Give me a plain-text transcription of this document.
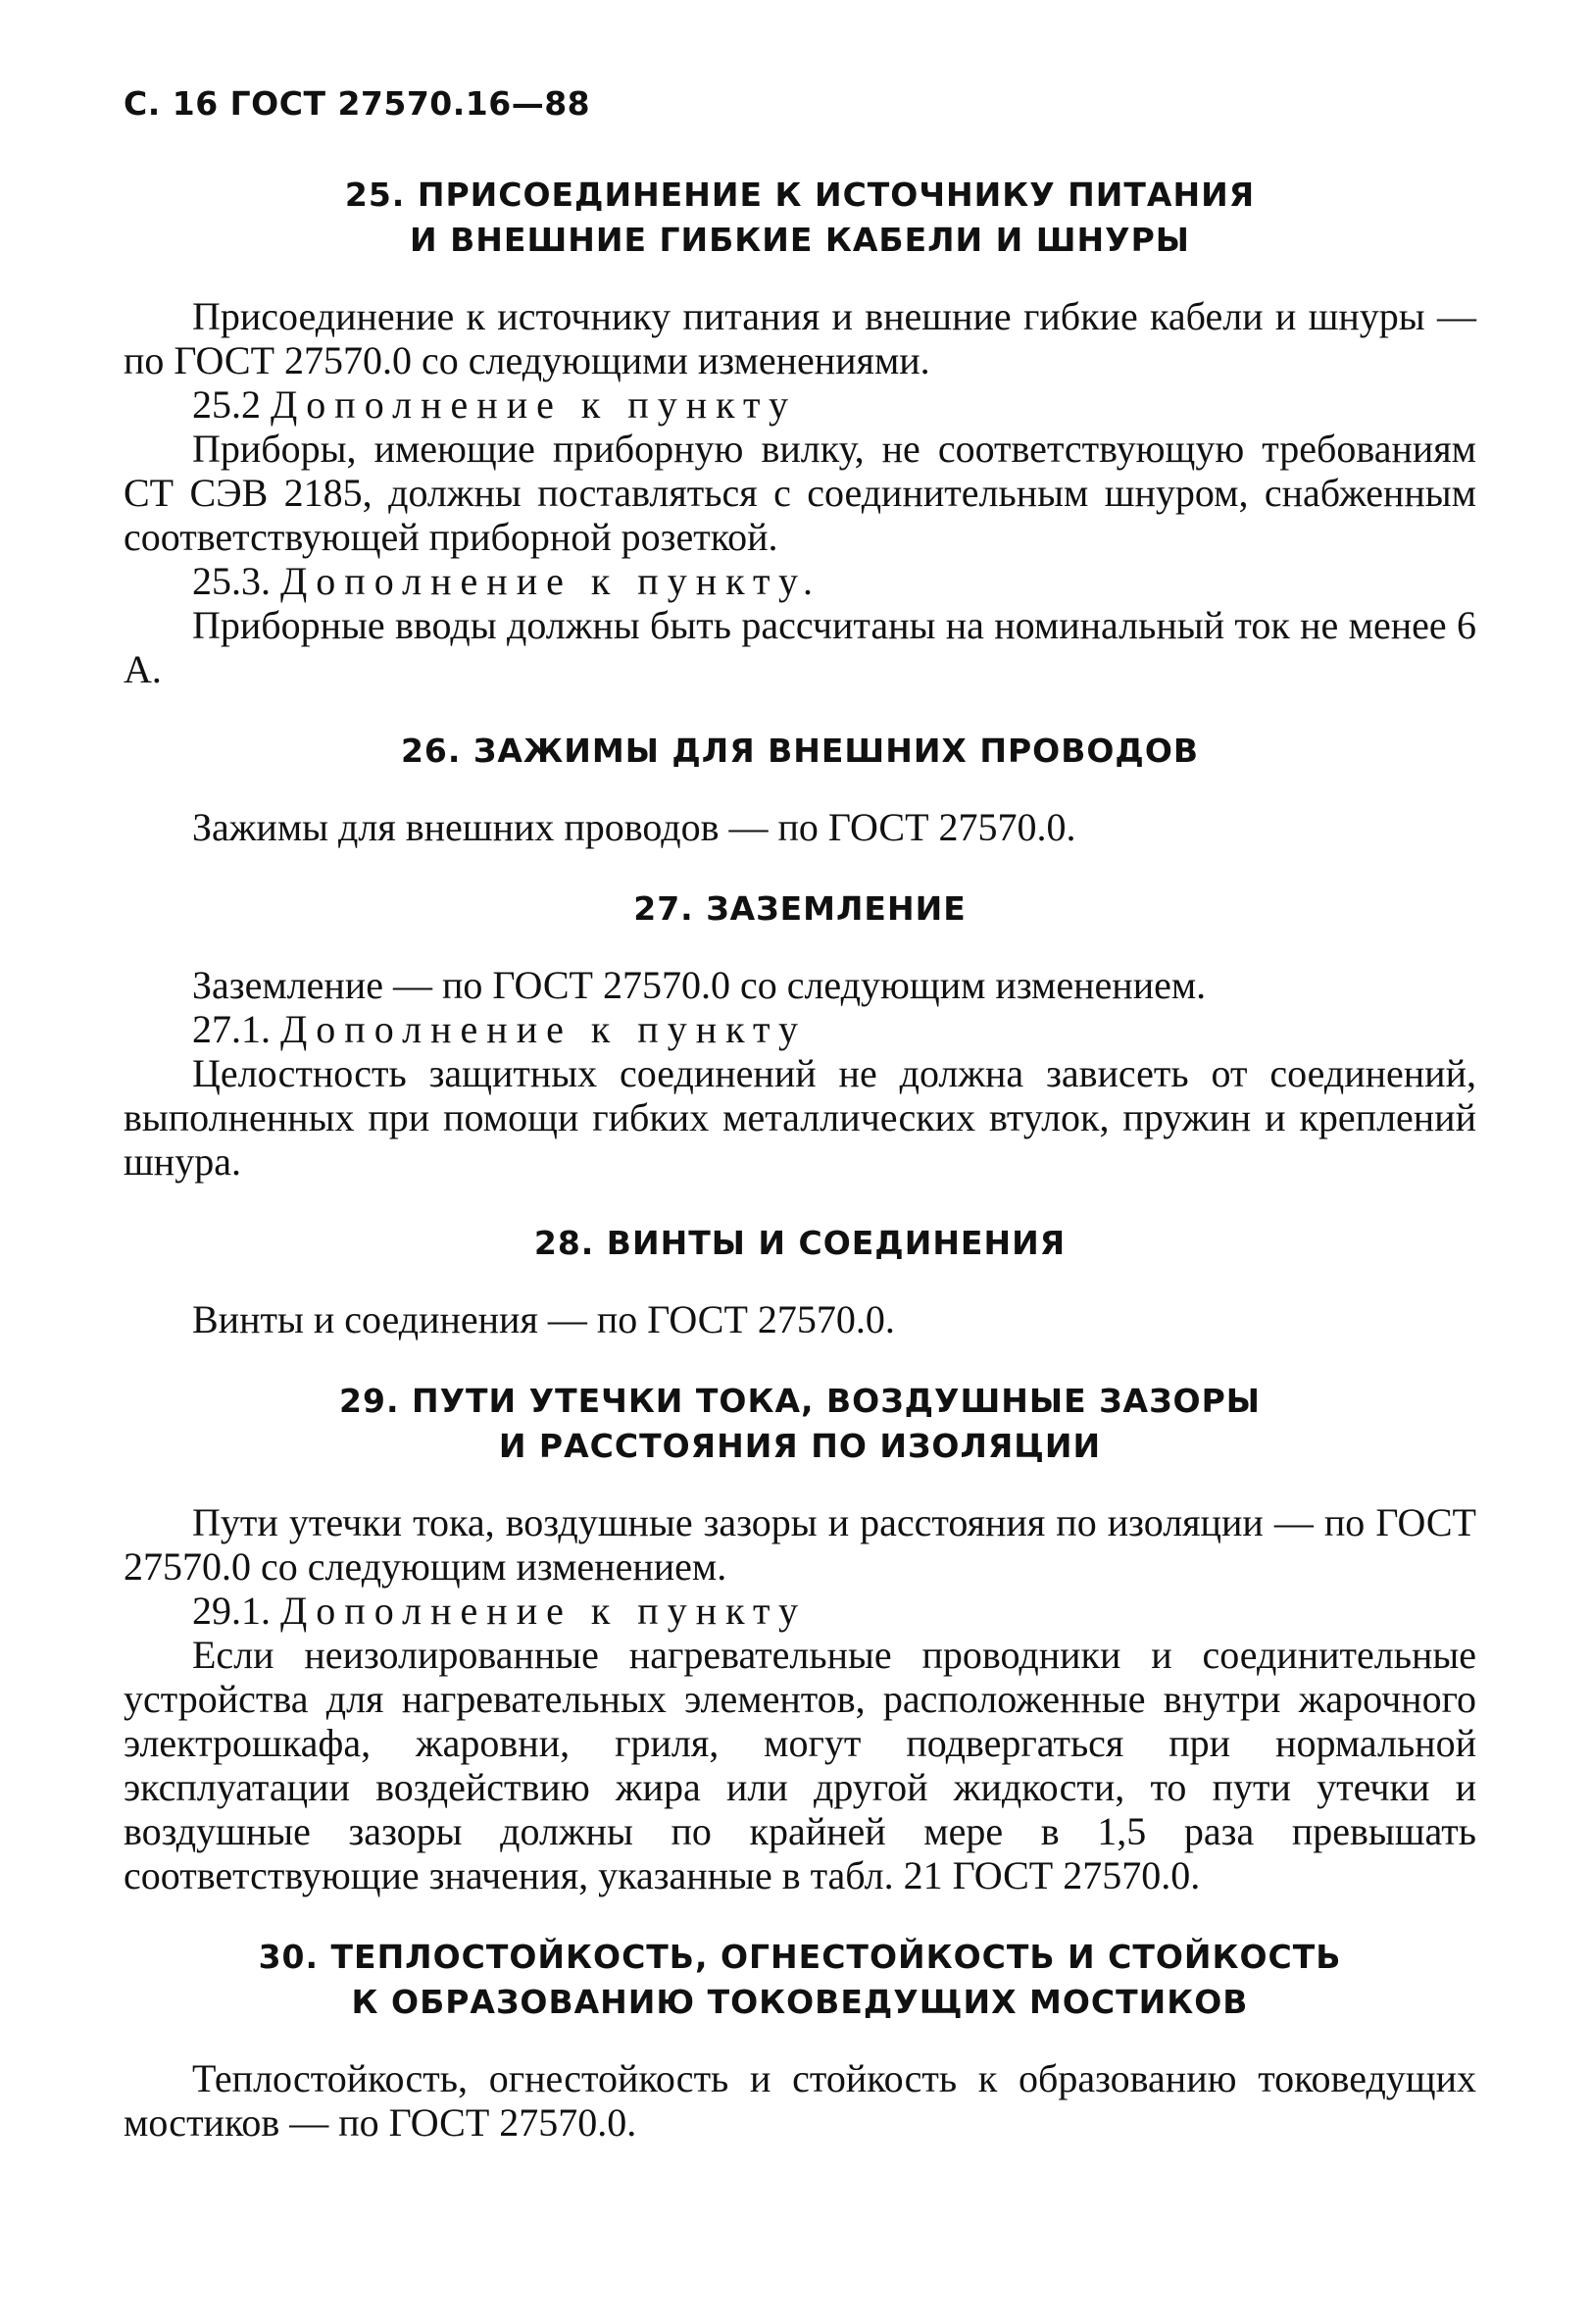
С. 16 ГОСТ 27570.16—88
25. ПРИСОЕДИНЕНИЕ К ИСТОЧНИКУ ПИТАНИЯ
И ВНЕШНИЕ ГИБКИЕ КАБЕЛИ И ШНУРЫ

Присоединение к источнику питания и внешние гибкие кабели и шнуры — по ГОСТ 27570.0 со следующими изменениями.

25.2 Дополнение к пункту

Приборы, имеющие приборную вилку, не соответствующую требованиям СТ СЭВ 2185, должны поставляться с соединительным шнуром, снабженным соответствующей приборной розеткой.

25.3. Дополнение к пункту.

Приборные вводы должны быть рассчитаны на номинальный ток не менее 6 А.

26. ЗАЖИМЫ ДЛЯ ВНЕШНИХ ПРОВОДОВ

Зажимы для внешних проводов — по ГОСТ 27570.0.

27. ЗАЗЕМЛЕНИЕ

Заземление — по ГОСТ 27570.0 со следующим изменением.

27.1. Дополнение к пункту

Целостность защитных соединений не должна зависеть от соединений, выполненных при помощи гибких металлических втулок, пружин и креплений шнура.

28. ВИНТЫ И СОЕДИНЕНИЯ

Винты и соединения — по ГОСТ 27570.0.

29. ПУТИ УТЕЧКИ ТОКА, ВОЗДУШНЫЕ ЗАЗОРЫ
И РАССТОЯНИЯ ПО ИЗОЛЯЦИИ

Пути утечки тока, воздушные зазоры и расстояния по изоляции — по ГОСТ 27570.0 со следующим изменением.

29.1. Дополнение к пункту

Если неизолированные нагревательные проводники и соединительные устройства для нагревательных элементов, расположенные внутри жарочного электрошкафа, жаровни, гриля, могут подвергаться при нормальной эксплуатации воздействию жира или другой жидкости, то пути утечки и воздушные зазоры должны по крайней мере в 1,5 раза превышать соответствующие значения, указанные в табл. 21 ГОСТ 27570.0.

30. ТЕПЛОСТОЙКОСТЬ, ОГНЕСТОЙКОСТЬ И СТОЙКОСТЬ
К ОБРАЗОВАНИЮ ТОКОВЕДУЩИХ МОСТИКОВ

Теплостойкость, огнестойкость и стойкость к образованию токоведущих мостиков — по ГОСТ 27570.0.
